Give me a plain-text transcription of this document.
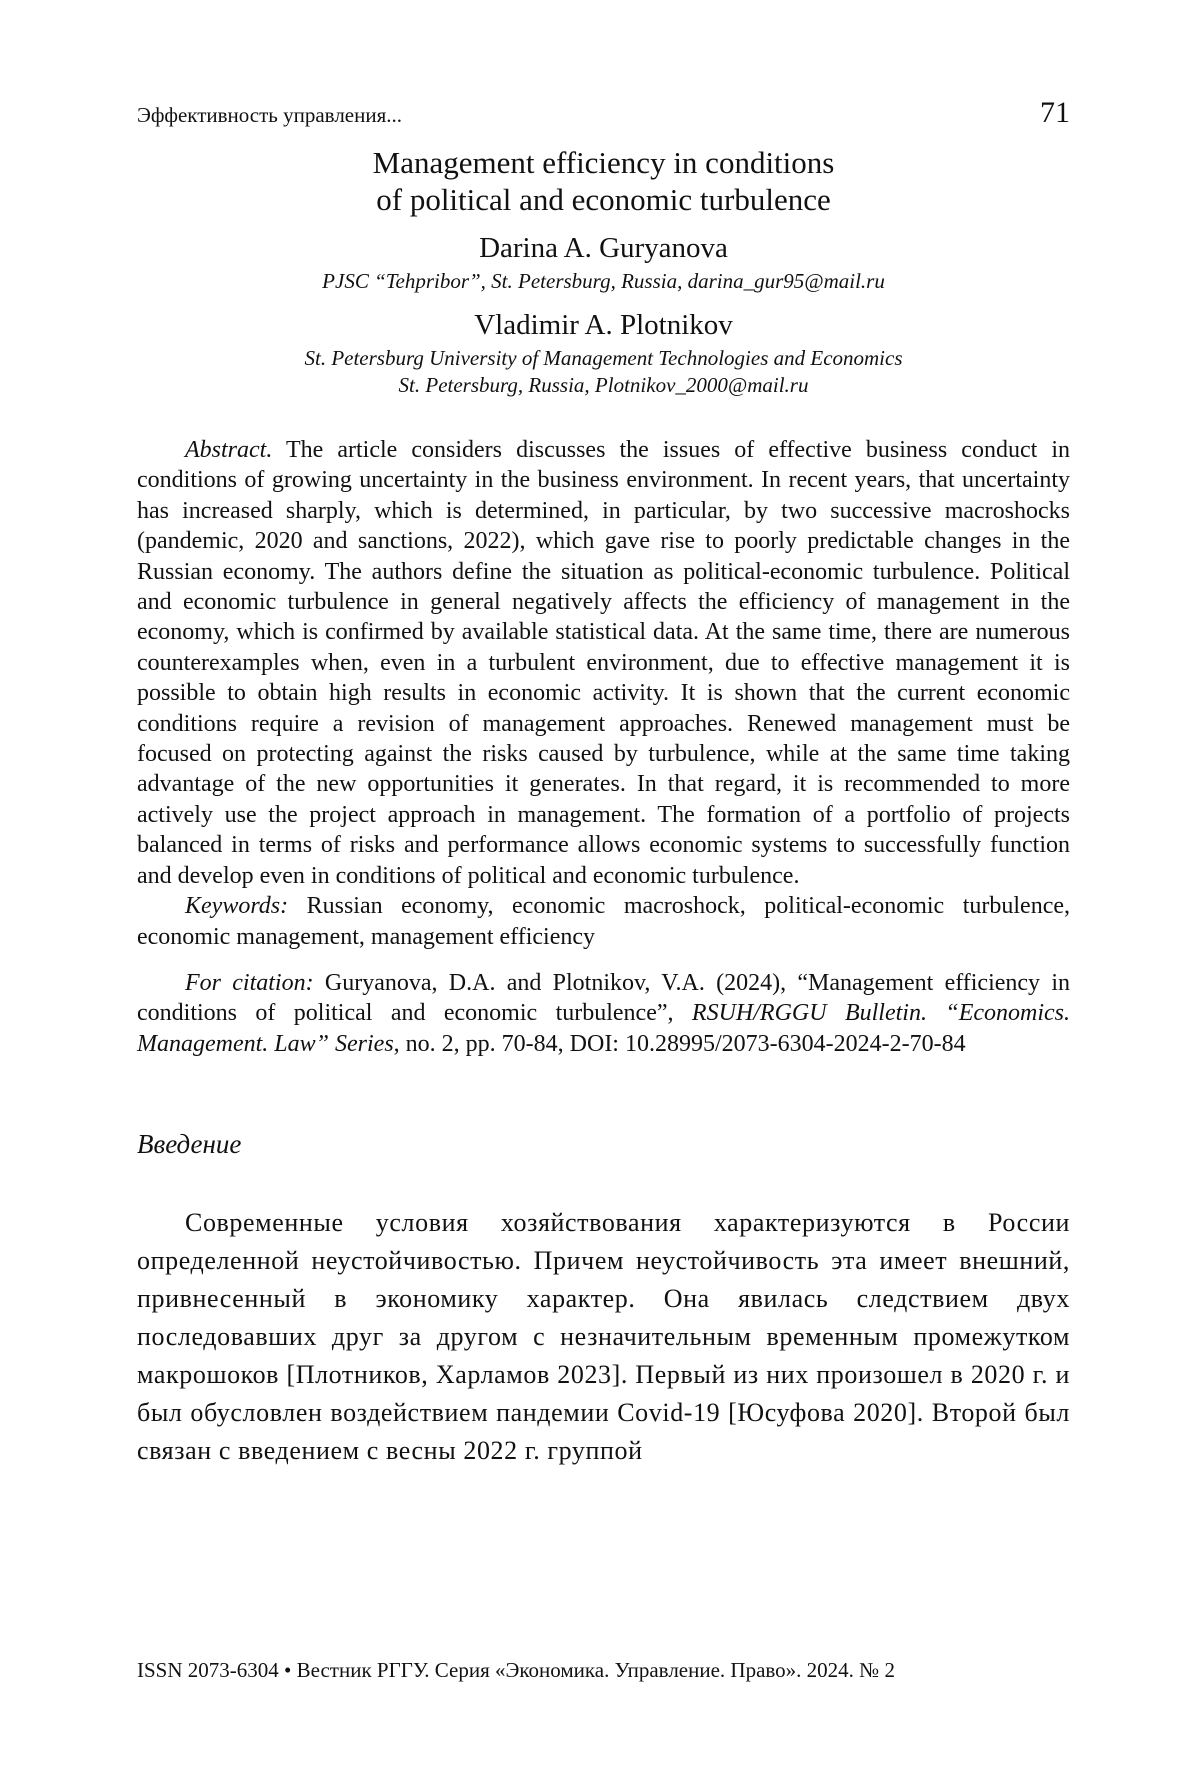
Эффективность управления...	71
Management efficiency in conditions
of political and economic turbulence
Darina A. Guryanova
PJSC “Tehpribor”, St. Petersburg, Russia, darina_gur95@mail.ru
Vladimir A. Plotnikov
St. Petersburg University of Management Technologies and Economics
St. Petersburg, Russia, Plotnikov_2000@mail.ru
Abstract. The article considers discusses the issues of effective business conduct in conditions of growing uncertainty in the business environment. In recent years, that uncertainty has increased sharply, which is determined, in particular, by two successive macroshocks (pandemic, 2020 and sanctions, 2022), which gave rise to poorly predictable changes in the Russian economy. The authors define the situation as political-economic turbulence. Political and economic turbulence in general negatively affects the efficiency of management in the economy, which is confirmed by available statistical data. At the same time, there are numerous counterexamples when, even in a turbulent environment, due to effective management it is possible to obtain high results in economic activity. It is shown that the current economic conditions require a revision of management approaches. Renewed management must be focused on protecting against the risks caused by turbulence, while at the same time taking advantage of the new opportunities it generates. In that regard, it is recommended to more actively use the project approach in management. The formation of a portfolio of projects balanced in terms of risks and performance allows economic systems to successfully function and develop even in conditions of political and economic turbulence.
Keywords: Russian economy, economic macroshock, political-economic turbulence, economic management, management efficiency
For citation: Guryanova, D.A. and Plotnikov, V.A. (2024), “Management efficiency in conditions of political and economic turbulence”, RSUH/RGGU Bulletin. “Economics. Management. Law” Series, no. 2, pp. 70-84, DOI: 10.28995/2073-6304-2024-2-70-84
Введение
Современные условия хозяйствования характеризуются в России определенной неустойчивостью. Причем неустойчивость эта имеет внешний, привнесенный в экономику характер. Она явилась следствием двух последовавших друг за другом с незначительным временным промежутком макрошоков [Плотников, Харламов 2023]. Первый из них произошел в 2020 г. и был обусловлен воздействием пандемии Covid-19 [Юсуфова 2020]. Второй был связан с введением с весны 2022 г. группой
ISSN 2073-6304 • Вестник РГГУ. Серия «Экономика. Управление. Право». 2024. № 2
